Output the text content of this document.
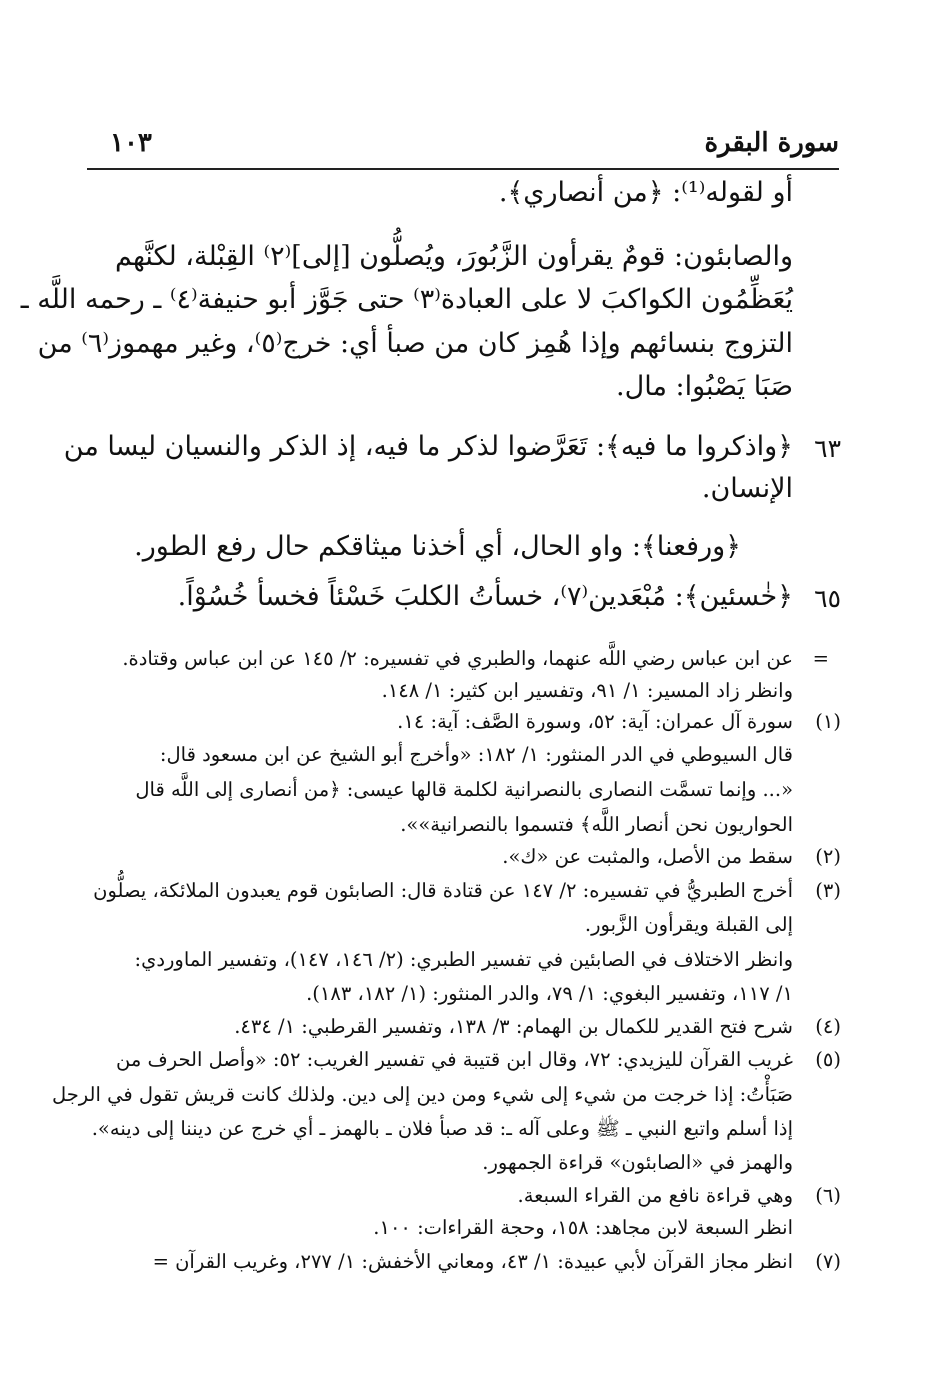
سورة البقرة
١٠٣
أو لقوله⁽¹⁾: ﴿من أنصاري﴾.
والصابئون: قومٌ يقرأون الزَّبُورَ، ويُصلُّون [إلى]⁽٢⁾ القِبْلة، لكنَّهم
يُعَظِّمُون الكواكبَ لا على العبادة⁽٣⁾ حتى جَوَّز أبو حنيفة⁽٤⁾ ـ رحمه اللَّه ـ
التزوج بنسائهم وإذا هُمِز كان من صبأ أي: خرج⁽٥⁾، وغير مهموز⁽٦⁾ من
صَبَا يَصْبُوا: مال.
٦٣
﴿واذكروا ما فيه﴾: تَعَرَّضوا لذكر ما فيه، إذ الذكر والنسيان ليسا من
الإنسان.
﴿ورفعنا﴾: واو الحال، أي أخذنا ميثاقكم حال رفع الطور.
٦٥
﴿خٰسئين﴾: مُبْعَدين⁽٧⁾، خسأتُ الكلبَ خَسْئاً فخسأ خُسُوْاً.
=
عن ابن عباس رضي اللَّه عنهما، والطبري في تفسيره: ٢/ ١٤٥ عن ابن عباس وقتادة.
وانظر زاد المسير: ١/ ٩١، وتفسير ابن كثير: ١/ ١٤٨.
(١)
سورة آل عمران: آية: ٥٢، وسورة الصَّف: آية: ١٤.
قال السيوطي في الدر المنثور: ١/ ١٨٢: «وأخرج أبو الشيخ عن ابن مسعود قال:
«... وإنما تسمَّت النصارى بالنصرانية لكلمة قالها عيسى: ﴿من أنصارى إلى اللَّه قال
الحواريون نحن أنصار اللَّه﴾ فتسموا بالنصرانية»».
(٢)
سقط من الأصل، والمثبت عن «ك».
(٣)
أخرج الطبريُّ في تفسيره: ٢/ ١٤٧ عن قتادة قال: الصابئون قوم يعبدون الملائكة، يصلُّون
إلى القبلة ويقرأون الزَّبور.
وانظر الاختلاف في الصابئين في تفسير الطبري: (٢/ ١٤٦، ١٤٧)، وتفسير الماوردي:
١/ ١١٧، وتفسير البغوي: ١/ ٧٩، والدر المنثور: (١/ ١٨٢، ١٨٣).
(٤)
شرح فتح القدير للكمال بن الهمام: ٣/ ١٣٨، وتفسير القرطبي: ١/ ٤٣٤.
(٥)
غريب القرآن لليزيدي: ٧٢، وقال ابن قتيبة في تفسير الغريب: ٥٢: «وأصل الحرف من
صَبَأْتُ: إذا خرجت من شيء إلى شيء ومن دين إلى دين. ولذلك كانت قريش تقول في الرجل
إذا أسلم واتبع النبي ـ ﷺ وعلى آله ـ: قد صبأ فلان ـ بالهمز ـ أي خرج عن ديننا إلى دينه».
والهمز في «الصابئون» قراءة الجمهور.
(٦)
وهي قراءة نافع من القراء السبعة.
انظر السبعة لابن مجاهد: ١٥٨، وحجة القراءات: ١٠٠.
(٧)
انظر مجاز القرآن لأبي عبيدة: ١/ ٤٣، ومعاني الأخفش: ١/ ٢٧٧، وغريب القرآن =
